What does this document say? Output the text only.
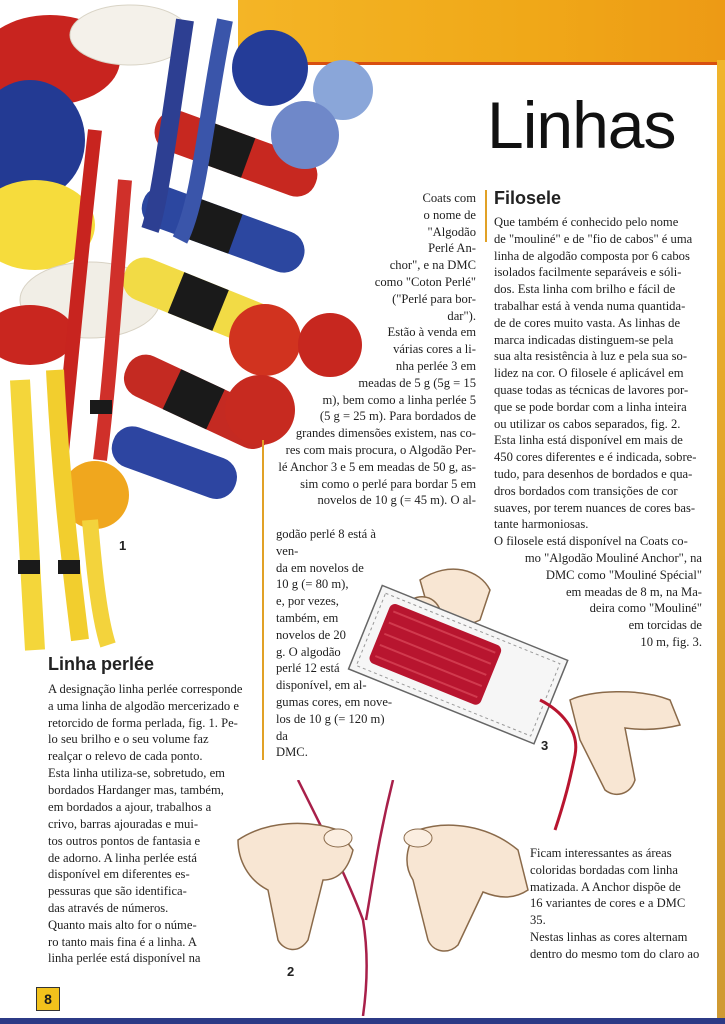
1
Linhas

Coats com

o nome de

"Algodão

Perlé An-

chor", e na DMC

como "Coton Perlé"

("Perlé para bor-

dar").

Estão à venda em

várias cores a li-

nha perlée 3 em

meadas de 5 g (5g = 15

m), bem como a linha perlée 5

(5 g = 25 m). Para bordados de

grandes dimensões existem, nas co-

res com mais procura, o Algodão Per-

lé Anchor 3 e 5 em meadas de 50 g, as-

sim como o perlé para bordar 5 em

novelos de 10 g (= 45 m). O al-

godão perlé 8 está à ven-

da em novelos de

10 g (= 80 m),

e, por vezes,

também, em

novelos de 20

g. O algodão

perlé 12 está

disponível, em al-

gumas cores, em nove-

los de 10 g (= 120 m) da

DMC.

Filosele

Que também é conhecido pelo nome

de "mouliné" e de "fio de cabos" é uma

linha de algodão composta por 6 cabos

isolados facilmente separáveis e sóli-

dos. Esta linha com brilho e fácil de

trabalhar está à venda numa quantida-

de de cores muito vasta. As linhas de

marca indicadas distinguem-se pela

sua alta resistência à luz e pela sua so-

lidez na cor. O filosele é aplicável em

quase todas as técnicas de lavores por-

que se pode bordar com a linha inteira

ou utilizar os cabos separados, fig. 2.

Esta linha está disponível em mais de

450 cores diferentes e é indicada, sobre-

tudo, para desenhos de bordados e qua-

dros bordados com transições de cor

suaves, por terem nuances de cores bas-

tante harmoniosas.

O filosele está disponível na Coats co-

mo "Algodão Mouliné Anchor", na

DMC como "Mouliné Spécial"

em meadas de 8 m, na Ma-

deira como "Mouliné"

em torcidas de

10 m, fig. 3.

3
Linha perlée

A designação linha perlée corresponde

a uma linha de algodão mercerizado e

retorcido de forma perlada, fig. 1. Pe-

lo seu brilho e o seu volume faz

realçar o relevo de cada ponto.

Esta linha utiliza-se, sobretudo, em

bordados Hardanger mas, também,

em bordados a ajour, trabalhos a

crivo, barras ajouradas e mui-

tos outros pontos de fantasia e

de adorno. A linha perlée está

disponível em diferentes es-

pessuras que são identifica-

das através de números.

Quanto mais alto for o núme-

ro tanto mais fina é a linha. A

linha perlée está disponível na

2

Ficam interessantes as áreas

coloridas bordadas com linha

matizada. A Anchor dispõe de

16 variantes de cores e a DMC

35.

Nestas linhas as cores alternam

dentro do mesmo tom do claro ao

8
